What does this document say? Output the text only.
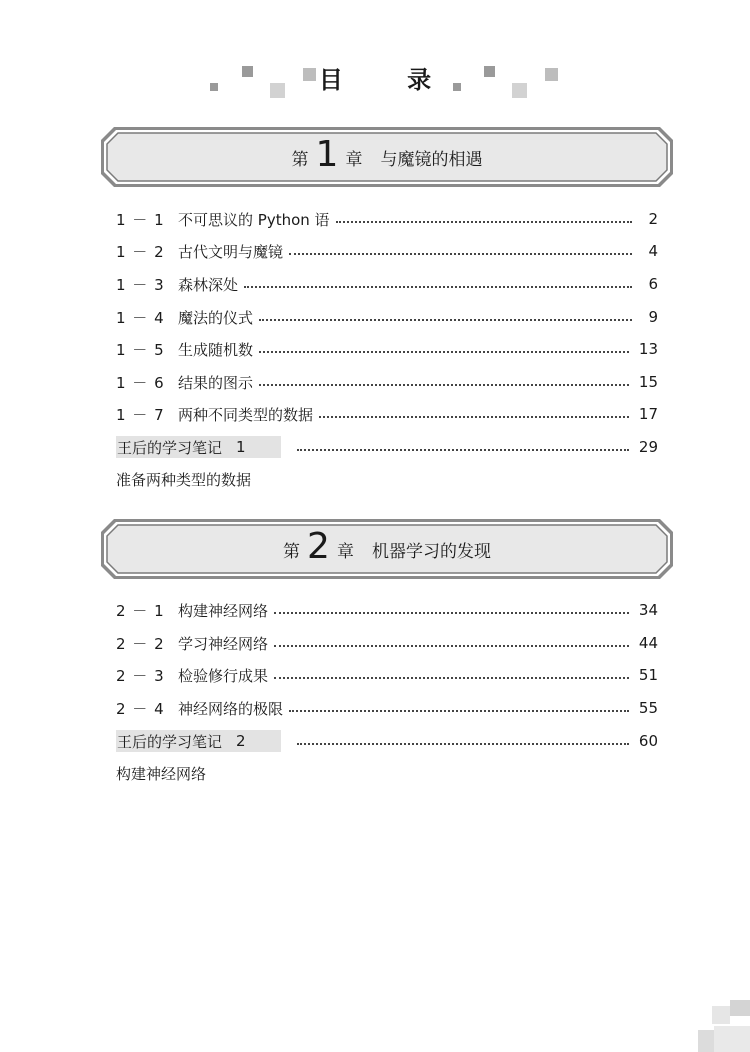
目 录
第 1 章 与魔镜的相遇
1 － 1 不可思议的 Python 语	2
1 － 2 古代文明与魔镜	4
1 － 3 森林深处	6
1 － 4 魔法的仪式	9
1 － 5 生成随机数	13
1 － 6 结果的图示	15
1 － 7 两种不同类型的数据	17
王后的学习笔记 1	29
准备两种类型的数据
第 2 章 机器学习的发现
2 － 1 构建神经网络	34
2 － 2 学习神经网络	44
2 － 3 检验修行成果	51
2 － 4 神经网络的极限	55
王后的学习笔记 2	60
构建神经网络
